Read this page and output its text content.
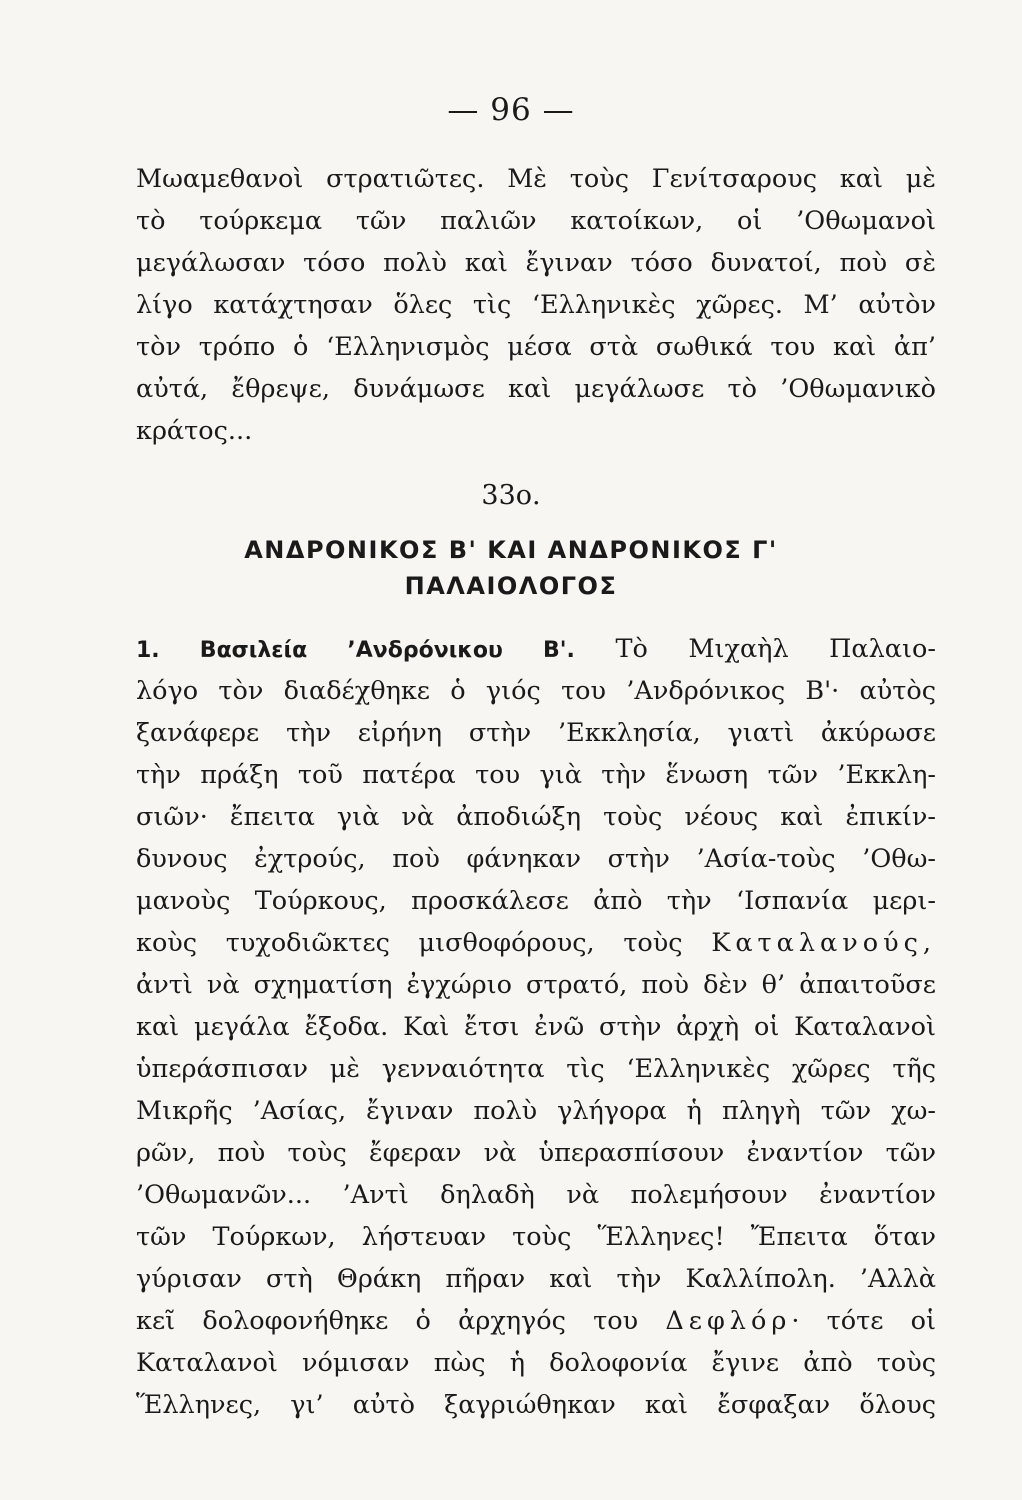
— 96 —
Μωαμεθανοὶ στρατιῶτες. Μὲ τοὺς Γενίτσαρους καὶ μὲ
τὸ τούρκεμα τῶν παλιῶν κατοίκων, οἱ ’Οθωμανοὶ
μεγάλωσαν τόσο πολὺ καὶ ἔγιναν τόσο δυνατοί, ποὺ σὲ
λίγο κατάχτησαν ὅλες τὶς ‘Ελληνικὲς χῶρες. Μ’ αὐτὸν
τὸν τρόπο ὁ ‘Ελληνισμὸς μέσα στὰ σωθικά του καὶ ἀπ’
αὐτά, ἔθρεψε, δυνάμωσε καὶ μεγάλωσε τὸ ’Οθωμανικὸ
κράτος...
33ο.
ΑΝΔΡΟΝΙΚΟΣ Β' ΚΑΙ ΑΝΔΡΟΝΙΚΟΣ Γ'
ΠΑΛΑΙΟΛΟΓΟΣ
1. Βασιλεία ’Ανδρόνικου Β'. Τὸ Μιχαὴλ Παλαιο-
λόγο τὸν διαδέχθηκε ὁ γιός του ’Ανδρόνικος Β'· αὐτὸς
ξανάφερε τὴν εἰρήνη στὴν ’Εκκλησία, γιατὶ ἀκύρωσε
τὴν πράξη τοῦ πατέρα του γιὰ τὴν ἕνωση τῶν ’Εκκλη-
σιῶν· ἔπειτα γιὰ νὰ ἀποδιώξη τοὺς νέους καὶ ἐπικίν-
δυνους ἐχτρούς, ποὺ φάνηκαν στὴν ’Ασία-τοὺς ’Οθω-
μανοὺς Τούρκους, προσκάλεσε ἀπὸ τὴν ‘Ισπανία μερι-
κοὺς τυχοδιῶκτες μισθοφόρους, τοὺς Καταλανούς,
ἀντὶ νὰ σχηματίση ἐγχώριο στρατό, ποὺ δὲν θ’ ἀπαιτοῦσε
καὶ μεγάλα ἔξοδα. Καὶ ἔτσι ἐνῶ στὴν ἀρχὴ οἱ Καταλανοὶ
ὑπεράσπισαν μὲ γενναιότητα τὶς ‘Ελληνικὲς χῶρες τῆς
Μικρῆς ’Ασίας, ἔγιναν πολὺ γλήγορα ἡ πληγὴ τῶν χω-
ρῶν, ποὺ τοὺς ἔφεραν νὰ ὑπερασπίσουν ἐναντίον τῶν
’Οθωμανῶν... ’Αντὶ δηλαδὴ νὰ πολεμήσουν ἐναντίον
τῶν Τούρκων, λήστευαν τοὺς Ἕλληνες! Ἔπειτα ὅταν
γύρισαν στὴ Θράκη πῆραν καὶ τὴν Καλλίπολη. ’Αλλὰ
κεῖ δολοφονήθηκε ὁ ἀρχηγός του Δεφλόρ· τότε οἱ
Καταλανοὶ νόμισαν πὼς ἡ δολοφονία ἔγινε ἀπὸ τοὺς
Ἕλληνες, γι’ αὐτὸ ξαγριώθηκαν καὶ ἔσφαξαν ὅλους
